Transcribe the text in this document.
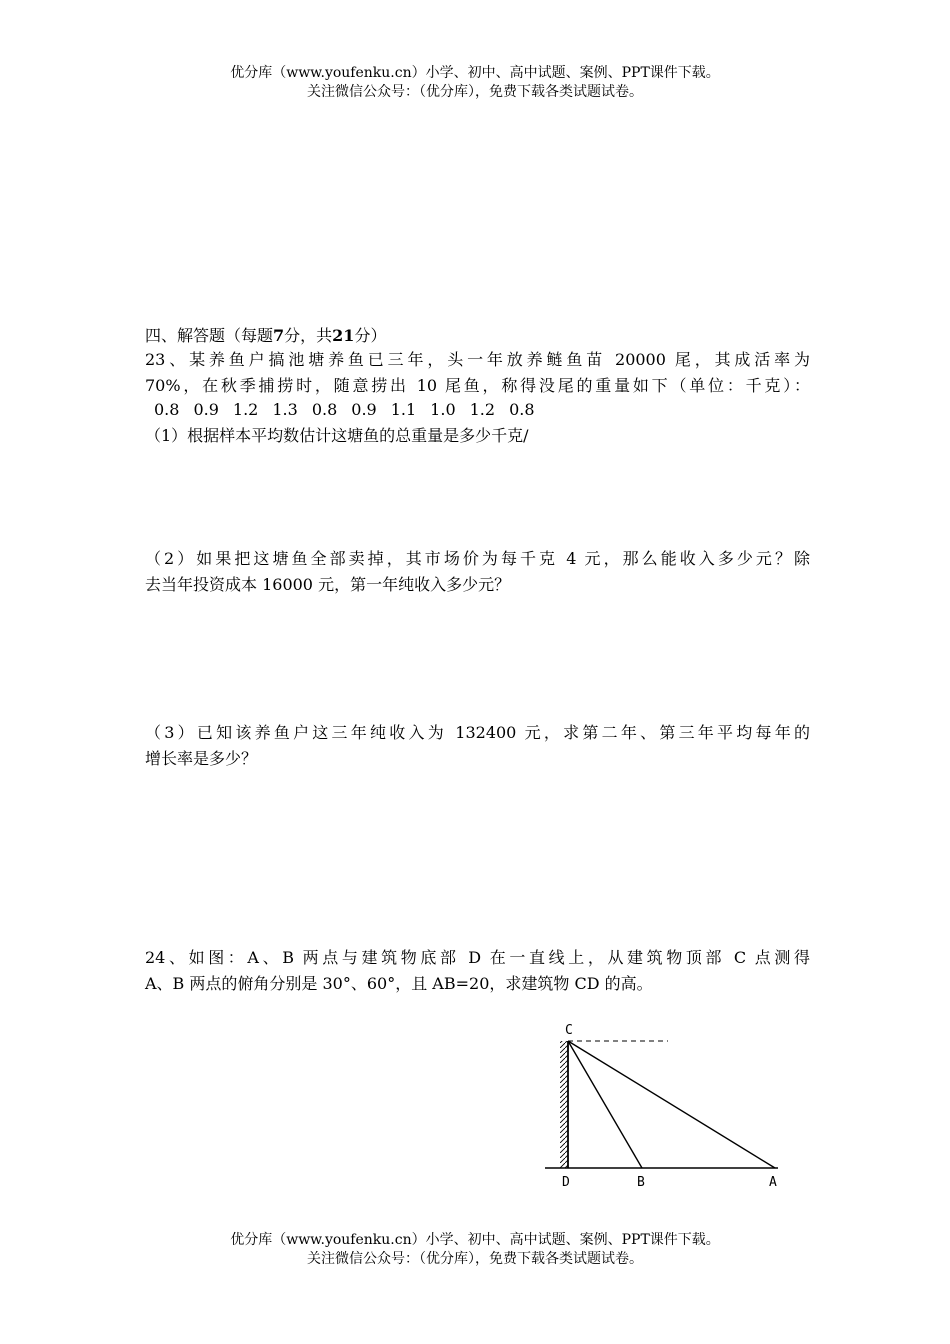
优分库（www.youfenku.cn）小学、初中、高中试题、案例、PPT课件下载。

关注微信公众号：（优分库），免费下载各类试题试卷。

四、解答题（每题7分，共21分）

23、某养鱼户搞池塘养鱼已三年，头一年放养鲢鱼苗 20000 尾，其成活率为

70%，在秋季捕捞时，随意捞出 10 尾鱼，称得没尾的重量如下（单位：千克）：

0.8 0.9 1.2 1.3 0.8 0.9 1.1 1.0 1.2 0.8

（1）根据样本平均数估计这塘鱼的总重量是多少千克/

（2）如果把这塘鱼全部卖掉，其市场价为每千克 4 元，那么能收入多少元？除

去当年投资成本 16000 元，第一年纯收入多少元？

（3）已知该养鱼户这三年纯收入为 132400 元，求第二年、第三年平均每年的

增长率是多少？

24、如图：A、B 两点与建筑物底部 D 在一直线上，从建筑物顶部 C 点测得

A、B 两点的俯角分别是 30°、60°，且 AB=20，求建筑物 CD 的高。

C
D	B	A

优分库（www.youfenku.cn）小学、初中、高中试题、案例、PPT课件下载。

关注微信公众号：（优分库），免费下载各类试题试卷。
